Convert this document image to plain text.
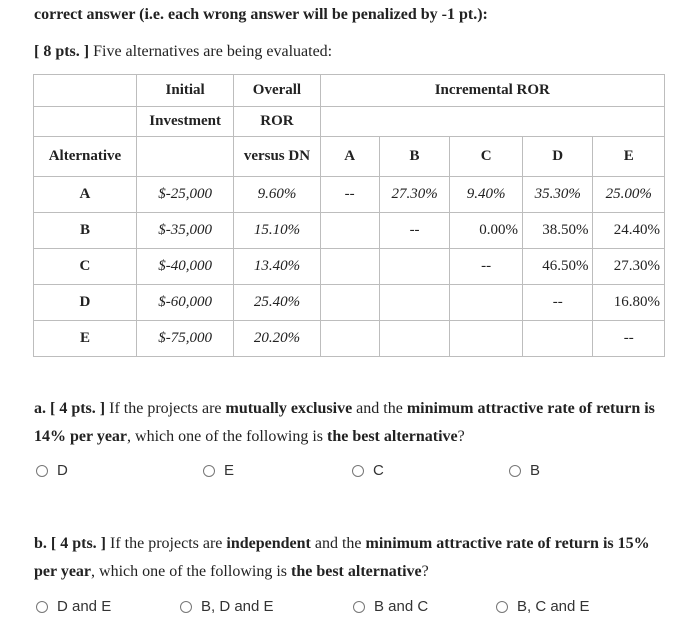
correct answer (i.e. each wrong answer will be penalized by -1 pt.):
[ 8 pts. ] Five alternatives are being evaluated:
	Initial	Overall	Incremental ROR				
	Investment	ROR					
Alternative		versus DN	A	B	C	D	E
A	$-25,000	9.60%	--	27.30%	9.40%	35.30%	25.00%
B	$-35,000	15.10%		--	0.00%	38.50%	24.40%
C	$-40,000	13.40%			--	46.50%	27.30%
D	$-60,000	25.40%				--	16.80%
E	$-75,000	20.20%					--
a. [ 4 pts. ] If the projects are mutually exclusive and the minimum attractive rate of return is 14% per year, which one of the following is the best alternative?
D	E	C	B
b. [ 4 pts. ] If the projects are independent and the minimum attractive rate of return is 15% per year, which one of the following is the best alternative?
D and E	B, D and E	B and C	B, C and E
